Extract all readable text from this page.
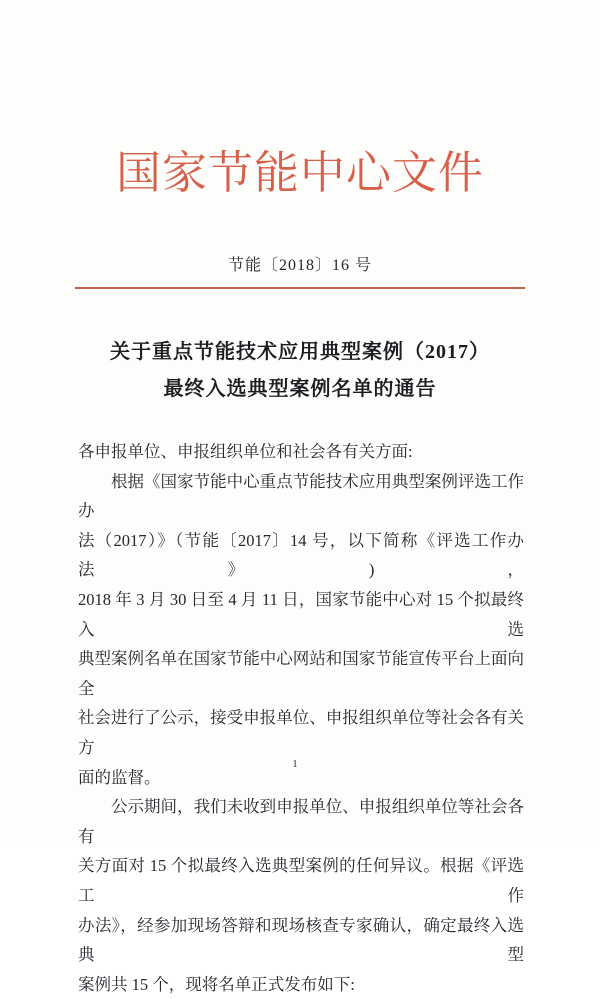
国家节能中心文件
节能〔2018〕16 号
关于重点节能技术应用典型案例（2017）
最终入选典型案例名单的通告
各申报单位、申报组织单位和社会各有关方面:
根据《国家节能中心重点节能技术应用典型案例评选工作办
法（2017）》（节能〔2017〕14 号，以下简称《评选工作办法》)，
2018 年 3 月 30 日至 4 月 11 日，国家节能中心对 15 个拟最终入选
典型案例名单在国家节能中心网站和国家节能宣传平台上面向全
社会进行了公示，接受申报单位、申报组织单位等社会各有关方
面的监督。
公示期间，我们未收到申报单位、申报组织单位等社会各有
关方面对 15 个拟最终入选典型案例的任何异议。根据《评选工作
办法》，经参加现场答辩和现场核查专家确认，确定最终入选典型
案例共 15 个，现将名单正式发布如下:
1
